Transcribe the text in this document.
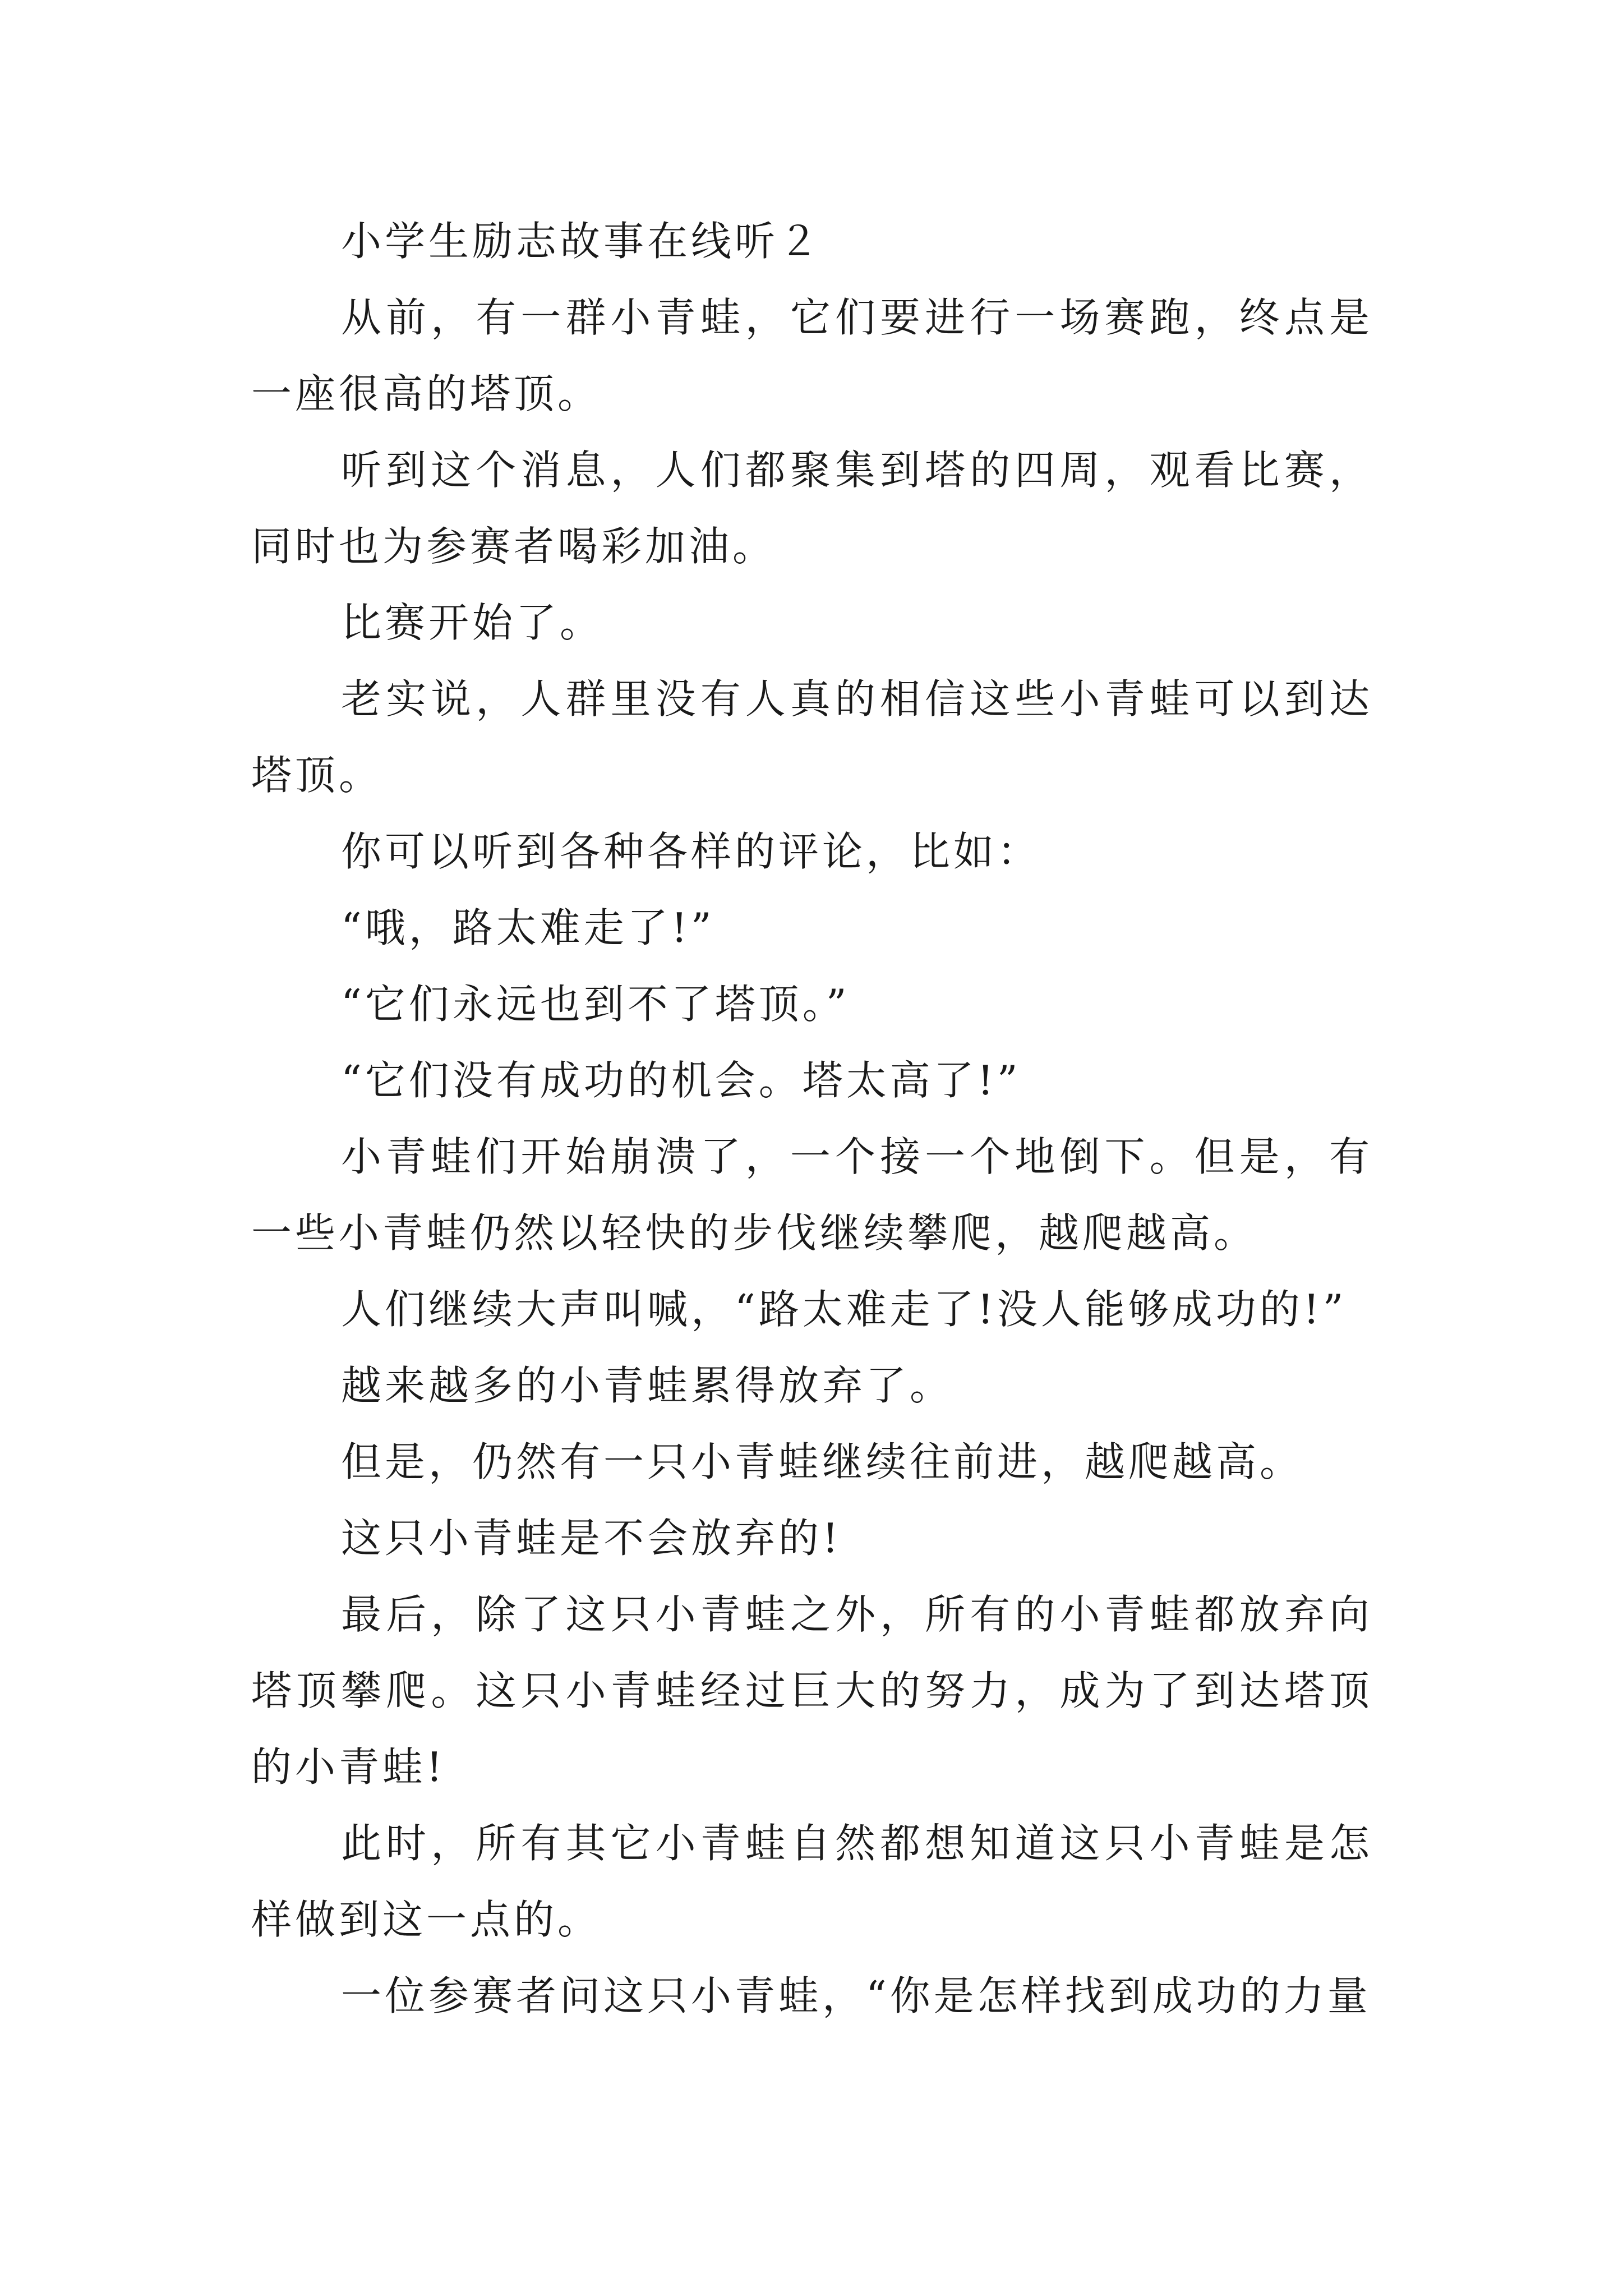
小学生励志故事在线听２

从前，有一群小青蛙，它们要进行一场赛跑，终点是一座很高的塔顶。

听到这个消息，人们都聚集到塔的四周，观看比赛，同时也为参赛者喝彩加油。

比赛开始了。

老实说，人群里没有人真的相信这些小青蛙可以到达塔顶。

你可以听到各种各样的评论，比如：

“哦，路太难走了!”

“它们永远也到不了塔顶。”

“它们没有成功的机会。塔太高了!”

小青蛙们开始崩溃了，一个接一个地倒下。但是，有一些小青蛙仍然以轻快的步伐继续攀爬，越爬越高。

人们继续大声叫喊，“路太难走了!没人能够成功的!”

越来越多的小青蛙累得放弃了。

但是，仍然有一只小青蛙继续往前进，越爬越高。

这只小青蛙是不会放弃的!

最后，除了这只小青蛙之外，所有的小青蛙都放弃向塔顶攀爬。这只小青蛙经过巨大的努力，成为了到达塔顶的小青蛙!

此时，所有其它小青蛙自然都想知道这只小青蛙是怎样做到这一点的。

一位参赛者问这只小青蛙，“你是怎样找到成功的力量
